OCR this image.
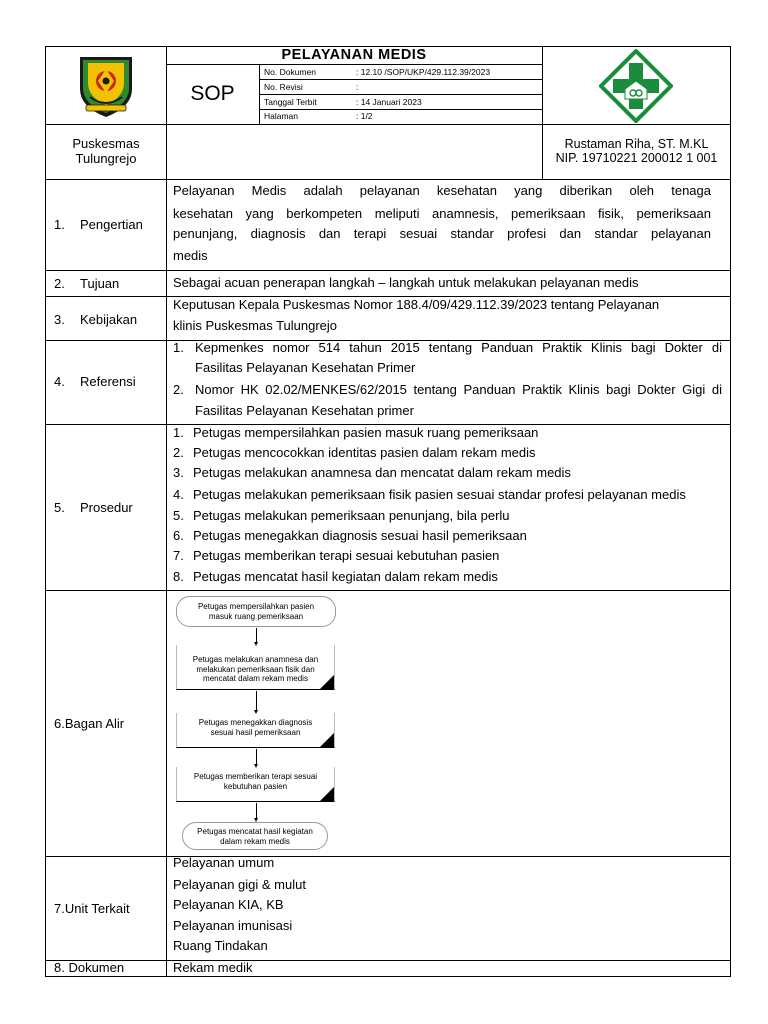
PELAYANAN MEDIS
SOP
No. Dokumen	: 12.10 /SOP/UKP/429.112.39/2023
No. Revisi	:
Tanggal Terbit	: 14 Januari 2023
Halaman	: 1/2
Puskesmas
Tulungrejo
Rustaman Riha, ST. M.KL
NIP. 19710221 200012 1 001
1. Pengertian
Pelayanan Medis adalah pelayanan kesehatan yang diberikan oleh tenaga
kesehatan yang berkompeten meliputi anamnesis, pemeriksaan fisik, pemeriksaan
penunjang, diagnosis dan terapi sesuai standar profesi dan standar pelayanan
medis
2. Tujuan	Sebagai acuan penerapan langkah – langkah untuk melakukan pelayanan medis
3. Kebijakan
Keputusan Kepala Puskesmas Nomor 188.4/09/429.112.39/2023 tentang Pelayanan
klinis Puskesmas Tulungrejo
4. Referensi
1. Kepmenkes nomor 514 tahun 2015 tentang Panduan Praktik Klinis bagi Dokter di
Fasilitas Pelayanan Kesehatan Primer
2. Nomor HK 02.02/MENKES/62/2015 tentang Panduan Praktik Klinis bagi Dokter Gigi di
Fasilitas Pelayanan Kesehatan primer
5. Prosedur
1. Petugas mempersilahkan pasien masuk ruang pemeriksaan
2. Petugas mencocokkan identitas pasien dalam rekam medis
3. Petugas melakukan anamnesa dan mencatat dalam rekam medis
4. Petugas melakukan pemeriksaan fisik pasien sesuai standar profesi pelayanan medis
5. Petugas melakukan pemeriksaan penunjang, bila perlu
6. Petugas menegakkan diagnosis sesuai hasil pemeriksaan
7. Petugas memberikan terapi sesuai kebutuhan pasien
8. Petugas mencatat hasil kegiatan dalam rekam medis
6.Bagan Alir
Petugas mempersilahkan pasien
masuk ruang pemeriksaan
Petugas melakukan anamnesa dan
melakukan pemeriksaan fisik dan
mencatat dalam rekam medis
Petugas menegakkan diagnosis
sesuai hasil pemeriksaan
Petugas memberikan terapi sesuai
kebutuhan pasien
Petugas mencatat hasil kegiatan
dalam rekam medis
7.Unit Terkait
Pelayanan umum
Pelayanan gigi & mulut
Pelayanan KIA, KB
Pelayanan imunisasi
Ruang Tindakan
8. Dokumen	Rekam medik
